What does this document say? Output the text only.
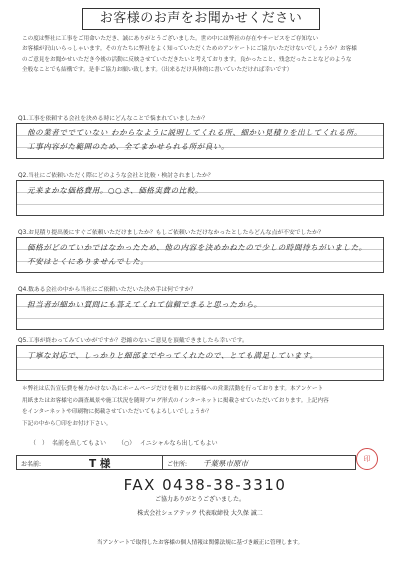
お客様のお声をお聞かせください

この度は弊社に工事をご用命いただき、誠にありがとうございました。世の中には弊社の存在やサービスをご存知ない

お客様が沢山いらっしゃいます。その方たちに弊社をよく知っていただくためのアンケートにご協力いただけないでしょうか？お客様

のご意見をお聞かせいただき今後の活動に反映させていただきたいと考えております。良かったこと、残念だったことなどのような

全般なことでも結構です。是非ご協力お願い致します。（出来るだけ具体的に書いていただければ幸いです）

Q1.工事を依頼する会社を決める時にどんなことで悩まれていましたか？
他の業者ででていない わからなように説明してくれる所、細かい見積りを出してくれる所。
工事内容がた範囲のため、全てまかせられる所が良い。
Q2.当社にご依頼いただく際にどのような会社と比較・検討されましたか？
元来まかな価格費用。○○さ、価格実費の比較。
Q3.お見積り提出後にすぐご依頼いただけましたか？もしご依頼いただけなかったとしたらどんな点が不安でしたか？
価格がどのていかではなかったため、他の内容を決めかねたので少しの時間待ちがいました。
不安はとくにありませんでした。
Q4.数ある会社の中から当社にご依頼いただいた決め手は何ですか？
担当者が細かい質問にも答えてくれて信頼できると思ったから。
Q5.工事が終わってみていかがですか？恐縮のないご意見を頂戴できましたら幸いです。
丁寧な対応で、しっかりと細部までやってくれたので、とても満足しています。

＊弊社は広告宣伝費を極力かけない為にホームページだけを頼りにお客様への営業活動を行っております。本アンケート

用紙またはお客様宅の調査風景や施工状況を随時ブログ形式のインターネットに掲載させていただいております。上記内容

をインターネットや印刷物に掲載させていただいてもよろしいでしょうか？

下記の中から〇印をお付け下さい。

（　） 名前を出してもよい （○） イニシャルなら出してもよい
お名前:	T 様	ご住所: 千葉県市原市	印
FAX 0438-38-3310
ご協力ありがとうございました。
株式会社シェアテック 代表取締役 大久保 誠二
当アンケートで取得したお客様の個人情報は関係法規に基づき厳正に管理します。
